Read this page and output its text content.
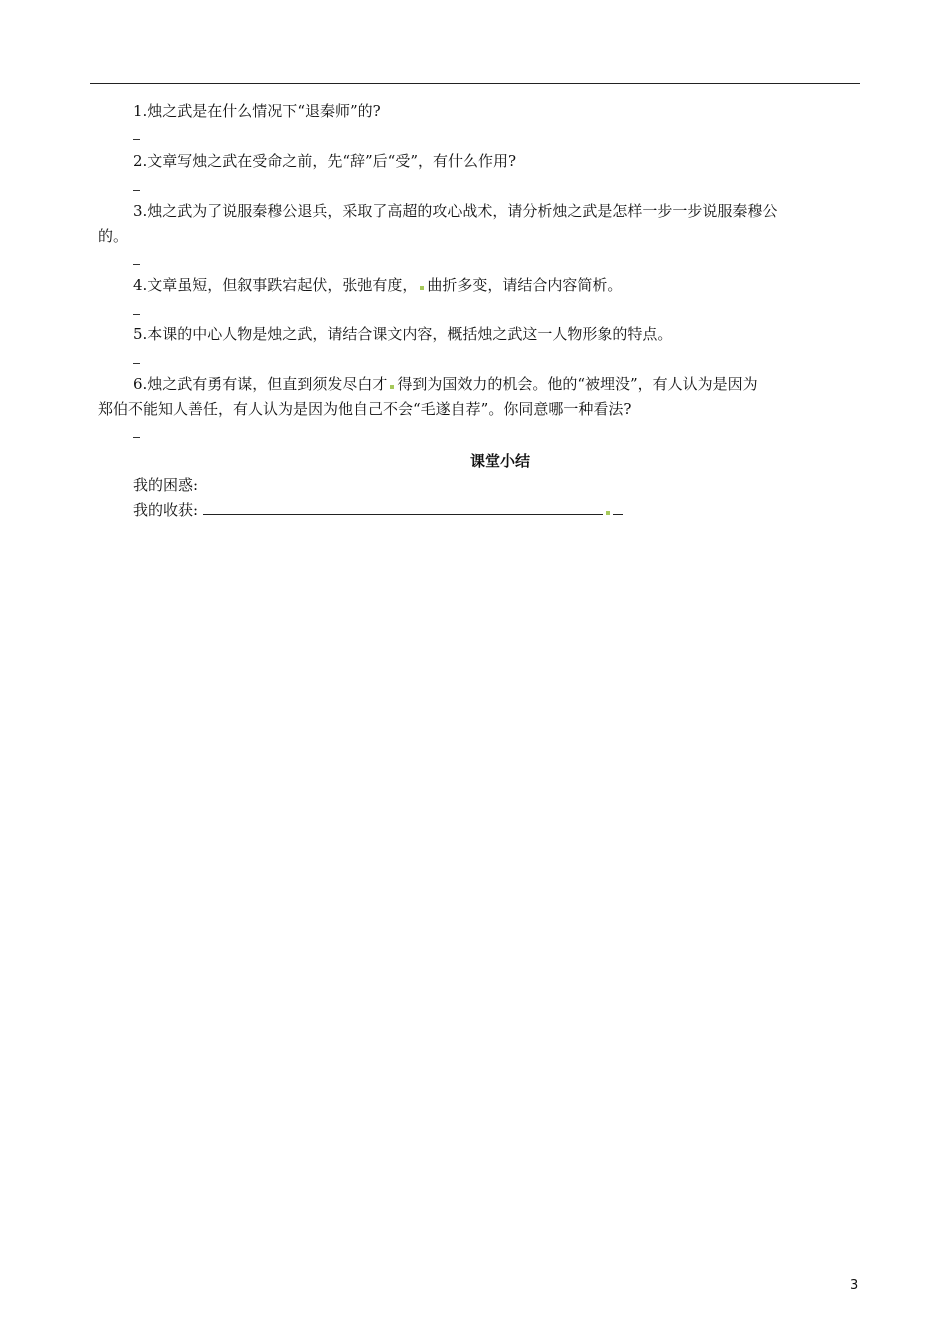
1.烛之武是在什么情况下“退秦师”的?
2.文章写烛之武在受命之前，先“辞”后“受”，有什么作用?
3.烛之武为了说服秦穆公退兵，采取了高超的攻心战术，请分析烛之武是怎样一步一步说服秦穆公
的。
4.文章虽短，但叙事跌宕起伏，张弛有度， 曲折多变，请结合内容简析。
5.本课的中心人物是烛之武，请结合课文内容，概括烛之武这一人物形象的特点。
6.烛之武有勇有谋，但直到须发尽白才 得到为国效力的机会。他的“被埋没”，有人认为是因为
郑伯不能知人善任，有人认为是因为他自己不会“毛遂自荐”。你同意哪一种看法?
课堂小结
我的困惑:
我的收获:
3
